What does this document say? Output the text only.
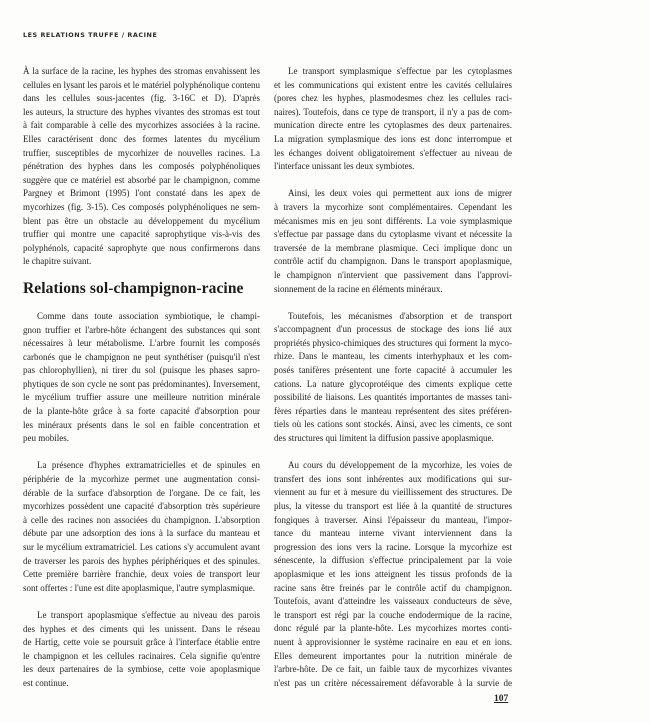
LES RELATIONS TRUFFE / RACINE
À la surface de la racine, les hyphes des stromas envahissent les
cellules en lysant les parois et le matériel polyphénolique contenu
dans les cellules sous-jacentes (fig. 3-16C et D). D'après
les auteurs, la structure des hyphes vivantes des stromas est tout
à fait comparable à celle des mycorhizes associées à la racine.
Elles caractérisent donc des formes latentes du mycélium
truffier, susceptibles de mycorhizer de nouvelles racines. La
pénétration des hyphes dans les composés polyphénoliques
suggère que ce matériel est absorbé par le champignon, comme
Pargney et Brimont (1995) l'ont constaté dans les apex de
mycorhizes (fig. 3-15). Ces composés polyphénoliques ne sem-
blent pas être un obstacle au développement du mycélium
truffier qui montre une capacité saprophytique vis-à-vis des
polyphénols, capacité saprophyte que nous confirmerons dans
le chapitre suivant.
Relations sol-champignon-racine
Comme dans toute association symbiotique, le champi-
gnon truffier et l'arbre-hôte échangent des substances qui sont
nécessaires à leur métabolisme. L'arbre fournit les composés
carbonés que le champignon ne peut synthétiser (puisqu'il n'est
pas chlorophyllien), ni tirer du sol (puisque les phases sapro-
phytiques de son cycle ne sont pas prédominantes). Inversement,
le mycélium truffier assure une meilleure nutrition minérale
de la plante-hôte grâce à sa forte capacité d'absorption pour
les minéraux présents dans le sol en faible concentration et
peu mobiles.
La présence d'hyphes extramatricielles et de spinules en
périphérie de la mycorhize permet une augmentation consi-
dérable de la surface d'absorption de l'organe. De ce fait, les
mycorhizes possèdent une capacité d'absorption très supérieure
à celle des racines non associées du champignon. L'absorption
débute par une adsorption des ions à la surface du manteau et
sur le mycélium extramatriciel. Les cations s'y accumulent avant
de traverser les parois des hyphes périphériques et des spinules.
Cette première barrière franchie, deux voies de transport leur
sont offertes : l'une est dite apoplasmique, l'autre symplasmique.
Le transport apoplasmique s'effectue au niveau des parois
des hyphes et des ciments qui les unissent. Dans le réseau
de Hartig, cette voie se poursuit grâce à l'interface établie entre
le champignon et les cellules racinaires. Cela signifie qu'entre
les deux partenaires de la symbiose, cette voie apoplasmique
est continue.
Le transport symplasmique s'effectue par les cytoplasmes
et les communications qui existent entre les cavités cellulaires
(pores chez les hyphes, plasmodesmes chez les cellules raci-
naires). Toutefois, dans ce type de transport, il n'y a pas de com-
munication directe entre les cytoplasmes des deux partenaires.
La migration symplasmique des ions est donc interrompue et
les échanges doivent obligatoirement s'effectuer au niveau de
l'interface unissant les deux symbiotes.
Ainsi, les deux voies qui permettent aux ions de migrer
à travers la mycorhize sont complémentaires. Cependant les
mécanismes mis en jeu sont différents. La voie symplasmique
s'effectue par passage dans du cytoplasme vivant et nécessite la
traversée de la membrane plasmique. Ceci implique donc un
contrôle actif du champignon. Dans le transport apoplasmique,
le champignon n'intervient que passivement dans l'approvi-
sionnement de la racine en éléments minéraux.
Toutefois, les mécanismes d'absorption et de transport
s'accompagnent d'un processus de stockage des ions lié aux
propriétés physico-chimiques des structures qui forment la myco-
rhize. Dans le manteau, les ciments interhyphaux et les com-
posés tanifères présentent une forte capacité à accumuler les
cations. La nature glycoprotéique des ciments explique cette
possibilité de liaisons. Les quantités importantes de masses tani-
fères réparties dans le manteau représentent des sites préféren-
tiels où les cations sont stockés. Ainsi, avec les ciments, ce sont
des structures qui limitent la diffusion passive apoplasmique.
Au cours du développement de la mycorhize, les voies de
transfert des ions sont inhérentes aux modifications qui sur-
viennent au fur et à mesure du vieillissement des structures. De
plus, la vitesse du transport est liée à la quantité de structures
fongiques à traverser. Ainsi l'épaisseur du manteau, l'impor-
tance du manteau interne vivant interviennent dans la
progression des ions vers la racine. Lorsque la mycorhize est
sénescente, la diffusion s'effectue principalement par la voie
apoplasmique et les ions atteignent les tissus profonds de la
racine sans être freinés par le contrôle actif du champignon.
Toutefois, avant d'atteindre les vaisseaux conducteurs de sève,
le transport est régi par la couche endodermique de la racine,
donc régulé par la plante-hôte. Les mycorhizes mortes conti-
nuent à approvisionner le système racinaire en eau et en ions.
Elles demeurent importantes pour la nutrition minérale de
l'arbre-hôte. De ce fait, un faible taux de mycorhizes vivantes
n'est pas un critère nécessairement défavorable à la survie de
107
